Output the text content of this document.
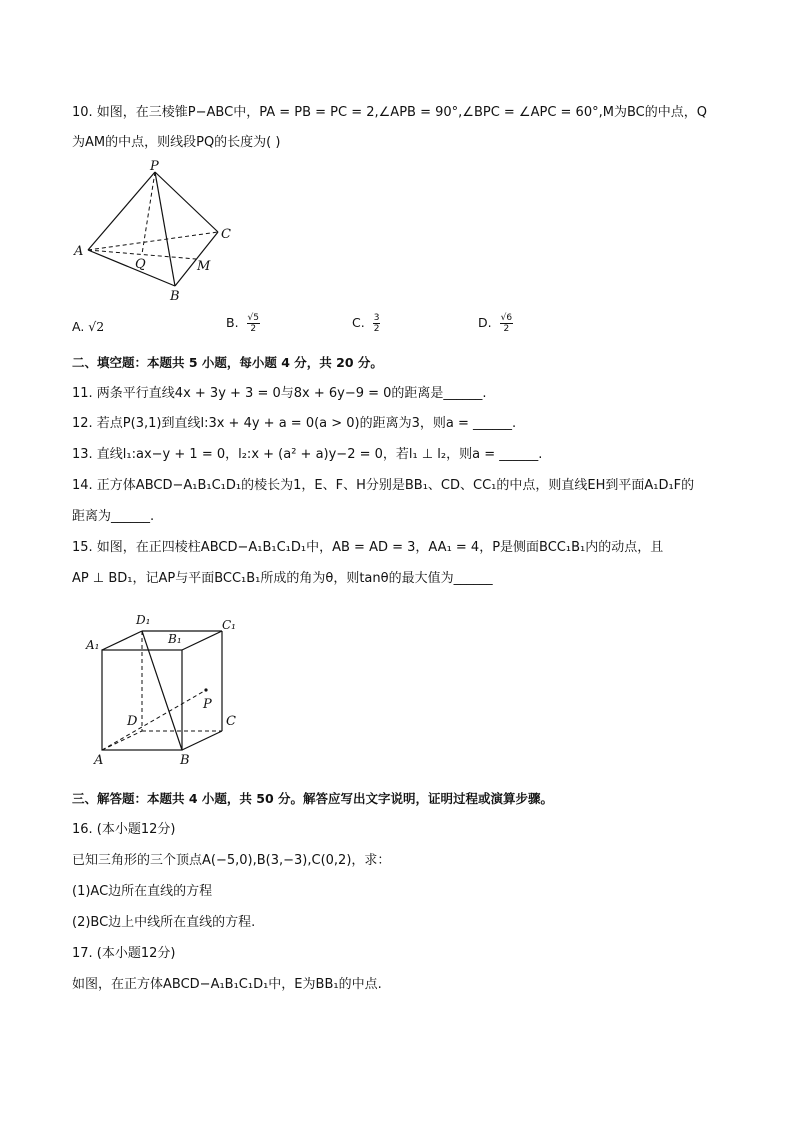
10. 如图，在三棱锥P−ABC中，PA = PB = PC = 2,∠APB = 90°,∠BPC = ∠APC = 60°,M为BC的中点，Q
为AM的中点，则线段PQ的长度为( )
P
A
B
C
M
Q
A. √2	B. $\frac{√5}{2}$	C. $\frac{3}{2}$	D. $\frac{√6}{2}$
二、填空题：本题共 5 小题，每小题 4 分，共 20 分。
11. 两条平行直线4x + 3y + 3 = 0与8x + 6y−9 = 0的距离是______.
12. 若点P(3,1)到直线l:3x + 4y + a = 0(a > 0)的距离为3，则a = ______.
13. 直线l₁:ax−y + 1 = 0，l₂:x + (a² + a)y−2 = 0，若l₁ ⊥ l₂，则a = ______.
14. 正方体ABCD−A₁B₁C₁D₁的棱长为1，E、F、H分别是BB₁、CD、CC₁的中点，则直线EH到平面A₁D₁F的
距离为______.
15. 如图，在正四棱柱ABCD−A₁B₁C₁D₁中，AB = AD = 3，AA₁ = 4，P是侧面BCC₁B₁内的动点，且
AP ⊥ BD₁，记AP与平面BCC₁B₁所成的角为θ，则tanθ的最大值为______
A₁	B₁
C₁
D₁
A	B
C
D
P
三、解答题：本题共 4 小题，共 50 分。解答应写出文字说明，证明过程或演算步骤。
16. (本小题12分)
已知三角形的三个顶点A(−5,0),B(3,−3),C(0,2)，求：
(1)AC边所在直线的方程
(2)BC边上中线所在直线的方程.
17. (本小题12分)
如图，在正方体ABCD−A₁B₁C₁D₁中，E为BB₁的中点.
